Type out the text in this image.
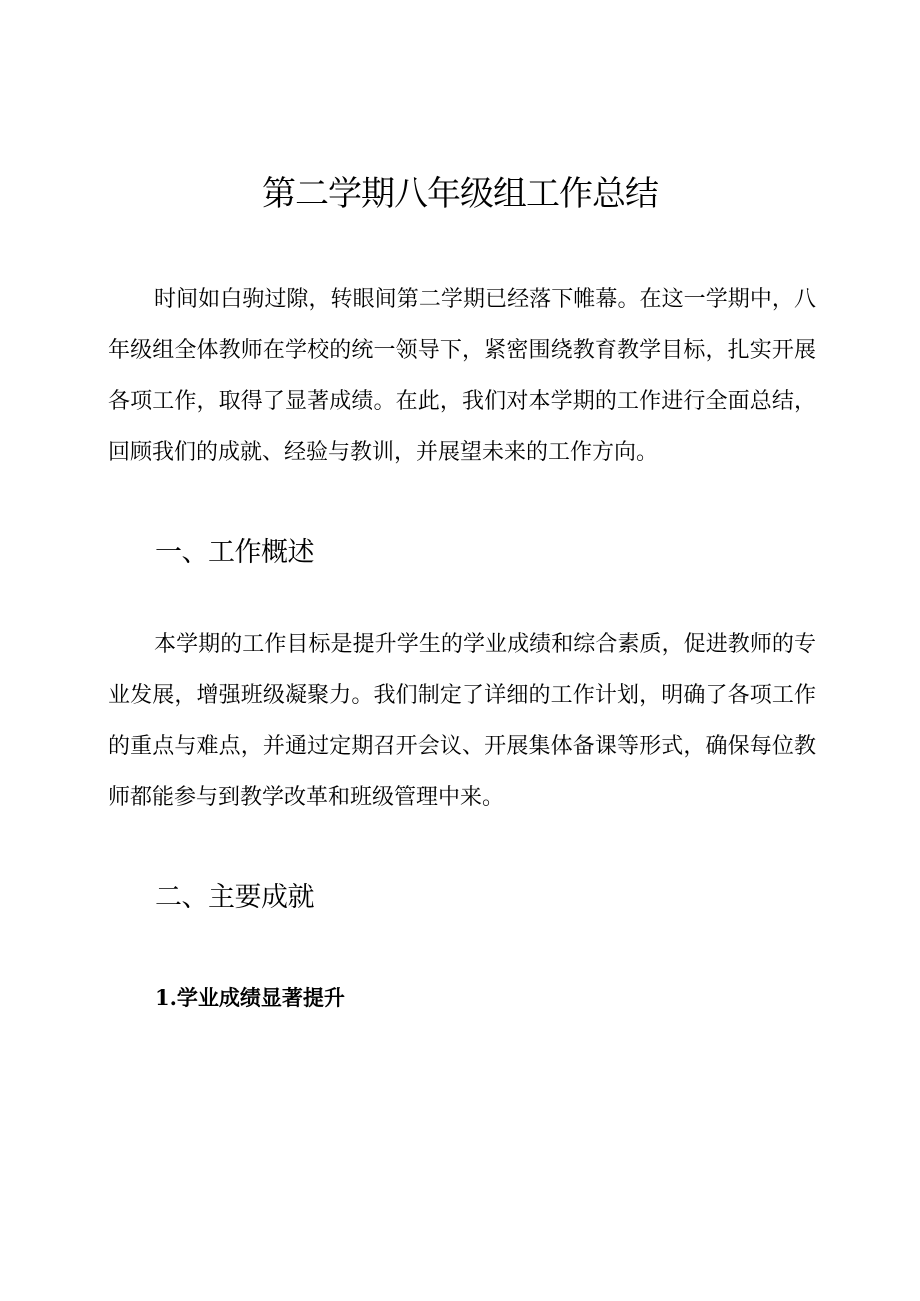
第二学期八年级组工作总结

时间如白驹过隙，转眼间第二学期已经落下帷幕。在这一学期中，八年级组全体教师在学校的统一领导下，紧密围绕教育教学目标，扎实开展各项工作，取得了显著成绩。在此，我们对本学期的工作进行全面总结，回顾我们的成就、经验与教训，并展望未来的工作方向。

一、工作概述

本学期的工作目标是提升学生的学业成绩和综合素质，促进教师的专业发展，增强班级凝聚力。我们制定了详细的工作计划，明确了各项工作的重点与难点，并通过定期召开会议、开展集体备课等形式，确保每位教师都能参与到教学改革和班级管理中来。

二、主要成就
1.学业成绩显著提升
